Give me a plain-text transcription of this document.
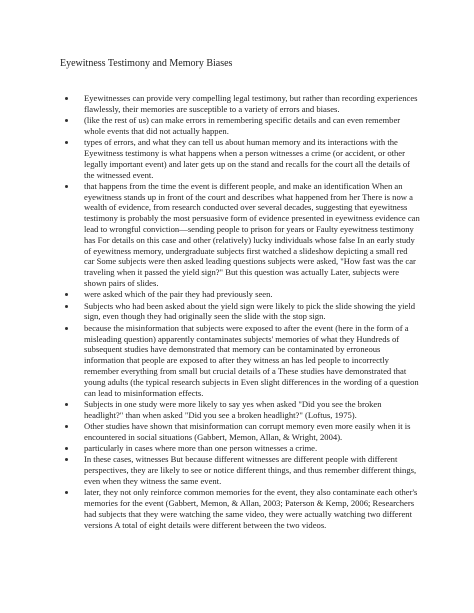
Eyewitness Testimony and Memory Biases
Eyewitnesses can provide very compelling legal testimony, but rather than recording experiences flawlessly, their memories are susceptible to a variety of errors and biases.
(like the rest of us) can make errors in remembering specific details and can even remember whole events that did not actually happen.
types of errors, and what they can tell us about human memory and its interactions with the Eyewitness testimony is what happens when a person witnesses a crime (or accident, or other legally important event) and later gets up on the stand and recalls for the court all the details of the witnessed event.
that happens from the time the event is different people, and make an identification When an eyewitness stands up in front of the court and describes what happened from her There is now a wealth of evidence, from research conducted over several decades, suggesting that eyewitness testimony is probably the most persuasive form of evidence presented in eyewitness evidence can lead to wrongful conviction—sending people to prison for years or Faulty eyewitness testimony has For details on this case and other (relatively) lucky individuals whose false In an early study of eyewitness memory, undergraduate subjects first watched a slideshow depicting a small red car Some subjects were then asked leading questions subjects were asked, "How fast was the car traveling when it passed the yield sign?" But this question was actually Later, subjects were shown pairs of slides.
were asked which of the pair they had previously seen.
Subjects who had been asked about the yield sign were likely to pick the slide showing the yield sign, even though they had originally seen the slide with the stop sign.
because the misinformation that subjects were exposed to after the event (here in the form of a misleading question) apparently contaminates subjects' memories of what they Hundreds of subsequent studies have demonstrated that memory can be contaminated by erroneous information that people are exposed to after they witness an has led people to incorrectly remember everything from small but crucial details of a These studies have demonstrated that young adults (the typical research subjects in Even slight differences in the wording of a question can lead to misinformation effects.
Subjects in one study were more likely to say yes when asked "Did you see the broken headlight?" than when asked "Did you see a broken headlight?" (Loftus, 1975).
Other studies have shown that misinformation can corrupt memory even more easily when it is encountered in social situations (Gabbert, Memon, Allan, & Wright, 2004).
particularly in cases where more than one person witnesses a crime.
In these cases, witnesses But because different witnesses are different people with different perspectives, they are likely to see or notice different things, and thus remember different things, even when they witness the same event.
later, they not only reinforce common memories for the event, they also contaminate each other's memories for the event (Gabbert, Memon, & Allan, 2003; Paterson & Kemp, 2006; Researchers had subjects that they were watching the same video, they were actually watching two different versions A total of eight details were different between the two videos.
